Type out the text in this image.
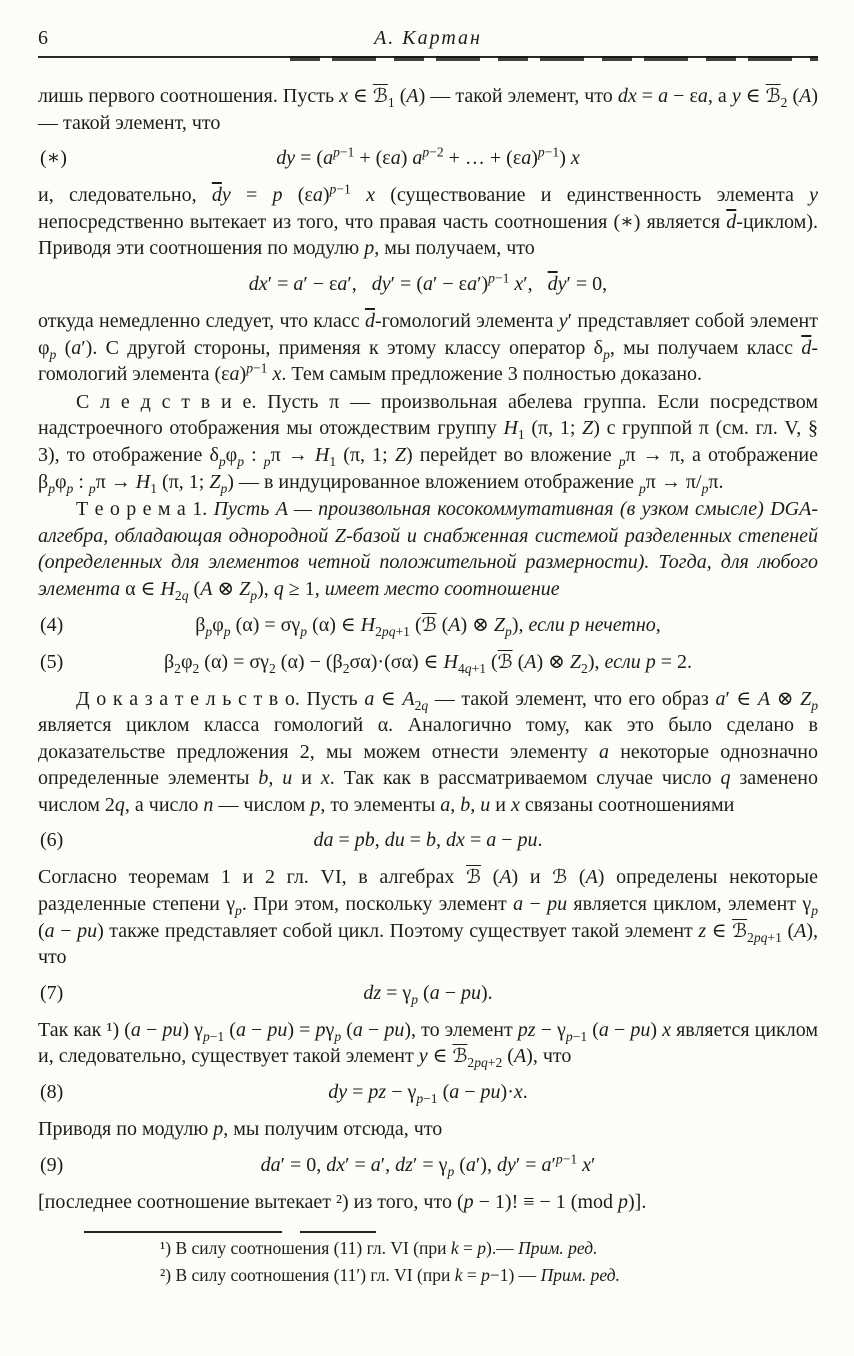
6	А. Картан

лишь первого соотношения. Пусть x ∈ ℬ$_1$ (A) — такой элемент, что dx = a − εa, а y ∈ ℬ$_2$ (A) — такой элемент, что

(∗)	dy = ($a^{p-1} + (\varepsilon a) a^{p-2}$ + … + $(\varepsilon a)^{p-1}$) x

и, следовательно, $\overline{d}y = p$ $(\varepsilon a)^{p-1}$ x (существование и единственность элемента y непосредственно вытекает из того, что правая часть соотношения (∗) является $\overline{d}-циклом$). Приводя эти соотношения по модулю p, мы получаем, что

dx′ = a′ − εa′,   $dy' = (a' - \varepsilon a')^{p-1}$ x′,   $\overline{d}y' = 0$,

откуда немедленно следует, что класс $\overline{d}$-гомологий элемента y′ представляет собой элемент $\varphi_p$ (a′). С другой стороны, применяя к этому классу оператор $\delta_p$, мы получаем класс $\overline{d}$-гомологий элемента $(\varepsilon a)^{p-1}$ x. Тем самым предложение 3 полностью доказано.

С л е д с т в и е. Пусть π — произвольная абелева группа. Если посредством надстроечного отображения мы отождествим группу $H_1$ (π, 1; Z) с группой π (см. гл. V, § 3), то отображение $\delta_p\varphi_p$ : $_p\pi \to H_1$ (π, 1; Z) перейдет во вложение $_p$π → π, а отображение $\beta_p\varphi_p$ : $_p\pi \to H_1$ (π, 1; $Z_p$) — в индуцированное вложением отображение $_p\pi \to \pi/_p\pi$.

Т е о р е м а 1. Пусть A — произвольная косокоммутативная (в узком смысле) DGA-алгебра, обладающая однородной Z-базой и снабженная системой разделенных степеней (определенных для элементов четной положительной размерности). Тогда, для любого элемента α ∈ $H_{2q}$ (A ⊗ $Z_p$), q ≥ 1, имеет место соотношение

(4)	$\beta_p\varphi_p$ $(\alpha) = \sigma\gamma_p$ (α) ∈ $H_{2pq+1}$ (ℬ (A) ⊗ $Z_p$), если p нечетно,
(5)	$\beta_2\varphi_2$ $(\alpha) = \sigma\gamma_2$ $(\alpha) - (\beta_2\sigma\alpha)\cdot(\sigma\alpha)$ ∈ $H_{4q+1}$ (ℬ (A) ⊗ $Z_2$), если p = 2.

Д о к а з а т е л ь с т в о. Пусть a ∈ $A_{2q}$ — такой элемент, что его образ a′ ∈ A ⊗ $Z_p$ является циклом класса гомологий α. Аналогично тому, как это было сделано в доказательстве предложения 2, мы можем отнести элементу a некоторые однозначно определенные элементы b, u и x. Так как в рассматриваемом случае число q заменено числом 2q, а число n — числом p, то элементы a, b, u и x связаны соотношениями

(6)	da = pb, du = b, dx = a − pu.

Согласно теоремам 1 и 2 гл. VI, в алгебрах ℬ (A) и ℬ (A) определены некоторые разделенные степени $\gamma_p$. При этом, поскольку элемент a − pu является циклом, элемент $\gamma_p$ (a − pu) также представляет собой цикл. Поэтому существует такой элемент z ∈ ℬ$_{2pq+1}$ (A), что

(7)	dz = $\gamma_p$ (a − pu).

Так как ¹) (a − pu) $\gamma_{p-1}$ $(a - pu) = p\gamma_p$ (a − pu), то элемент pz − $\gamma_{p-1}$ (a − pu) x является циклом и, следовательно, существует такой элемент y ∈ ℬ$_{2pq+2}$ (A), что

(8)	dy = pz − $\gamma_{p-1}$ (a − pu)·x.

Приводя по модулю p, мы получим отсюда, что

(9)	da′ = 0, dx′ = a′, $dz' = \gamma_p$ (a′), $dy' = a'^{p-1}$ x′

[последнее соотношение вытекает ²) из того, что (p − 1)! ≡ − 1 (mod p)].

¹) В силу соотношения (11) гл. VI (при k = p).— Прим. ред.

²) В силу соотношения (11′) гл. VI (при k = p−1) — Прим. ред.
